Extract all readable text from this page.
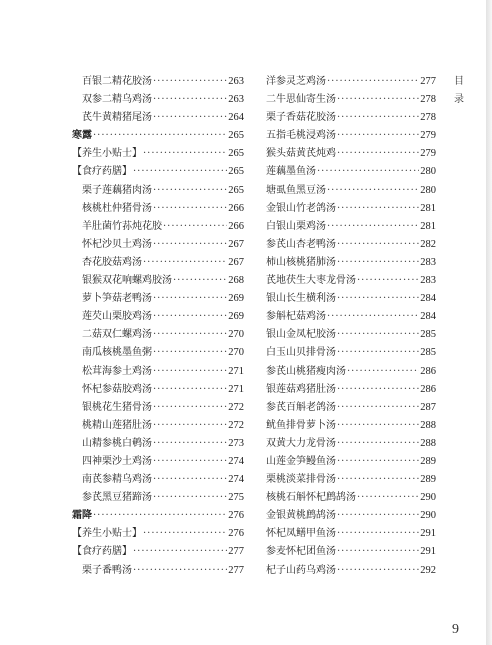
百银二精花胶汤 ·····	263
双参二精乌鸡汤 ·····	263
芪牛黄精猪尾汤 ·····	264
寒露 ·····	265
【养生小贴士】 ·····	265
【食疗药膳】 ·····	265
栗子莲藕猪肉汤 ·····	265
核桃杜仲猪骨汤 ·····	266
羊肚菌竹荪炖花胶 ·····	266
怀杞沙贝土鸡汤 ·····	267
杏花胶菇鸡汤 ·····	267
银猴双花响螺鸡胶汤 ·····	268
萝卜笋菇老鸭汤 ·····	269
莲芡山栗胶鸡汤 ·····	269
二菇双仁螺鸡汤 ·····	270
南瓜核桃墨鱼粥 ·····	270
松茸海参土鸡汤 ·····	271
怀杞参菇胶鸡汤 ·····	271
银桃花生猪骨汤 ·····	272
桃精山莲猪肚汤 ·····	272
山精参桃白鹌汤 ·····	273
四神栗沙土鸡汤 ·····	274
南芪参精乌鸡汤 ·····	274
参芪黑豆猪蹄汤 ·····	275
霜降 ·····	276
【养生小贴士】 ·····	276
【食疗药膳】 ·····	277
栗子番鸭汤 ·····	277
洋参灵芝鸡汤 ·····	277
二牛思仙寄生汤 ·····	278
栗子香菇花胶汤 ·····	278
五指毛桃浸鸡汤 ·····	279
猴头菇黄芪炖鸡 ·····	279
莲藕墨鱼汤 ·····	280
塘虱鱼黑豆汤 ·····	280
金银山竹老鸽汤 ·····	281
白银山栗鸡汤 ·····	281
参芪山杏老鸭汤 ·····	282
柿山核桃猪肺汤 ·····	283
芪地茯生大枣龙骨汤 ·····	283
银山长生横利汤 ·····	284
参斛杞菇鸡汤 ·····	284
银山金凤杞胶汤 ·····	285
白玉山贝排骨汤 ·····	285
参芪山桃猪瘦肉汤 ·····	286
银莲菇鸡猪肚汤 ·····	286
参芪百斛老鸽汤 ·····	287
鱿鱼排骨萝卜汤 ·····	288
双黄大力龙骨汤 ·····	288
山莲金笋鳗鱼汤 ·····	289
栗桃淡菜排骨汤 ·····	289
核桃石斛怀杞鹧鸪汤 ·····	290
金银黄桃鹧鸪汤 ·····	290
怀杞凤鳝甲鱼汤 ·····	291
参麦怀杞团鱼汤 ·····	291
杞子山药乌鸡汤 ·····	292
目
录
9
